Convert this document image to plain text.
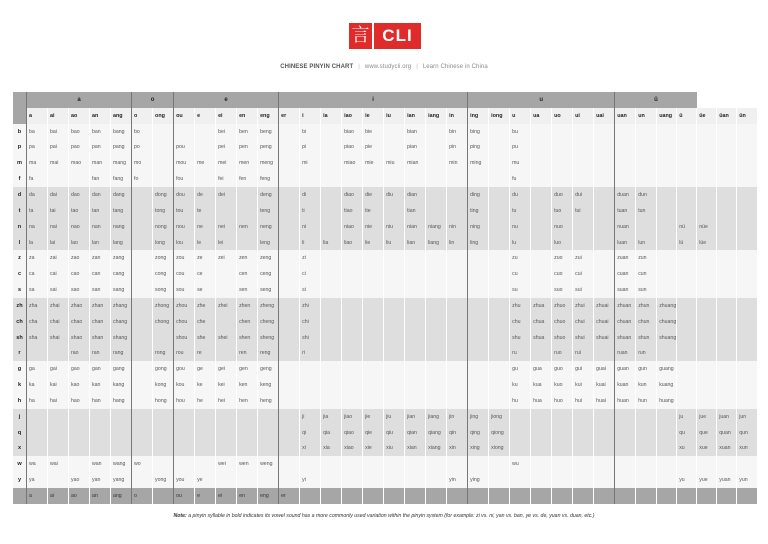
言 CLI
CHINESE PINYIN CHART | www.studycli.org | Learn Chinese in China
	a					o		e					i									u							ü						
	a	ai	ao	an	ang	o	ong	ou	e	ei	en	eng	er	i	ia	iao	ie	iu	ian	iang	in	ing	iong	u	ua	uo	ui	uai	uan	un	uang	ü	üe	üan	ün
b	ba	bai	bao	ban	bang	bo				bei	ben	beng		bi		biao	bie		bian		bin	bing		bu											
p	pa	pai	pao	pan	pang	po		pou		pei	pen	peng		pi		piao	pie		pian		pin	ping		pu											
m	ma	mai	mao	man	mang	mo		mou	me	mei	men	meng		mi		miao	mie	miu	mian		min	ming		mu											
f	fa			fan	fang	fo		fou		fei	fen	feng												fu											
d	da	dai	dao	dan	dang		dong	dou	de	dei		deng		di		diao	die	diu	dian			ding		du		duo	dui		duan	dun					
t	ta	tai	tao	tan	tang		tong	tou	te			teng		ti		tiao	tie		tian			ting		tu		tuo	tui		tuan	tun					
n	na	nai	nao	nan	nang		nong	nou	ne	nei	nen	neng		ni		niao	nie	niu	nian	niang	nin	ning		nu		nuo			nuan			nü	nüe		
l	la	lai	lao	lan	lang		long	lou	le	lei		leng		li	lia	liao	lie	liu	lian	liang	lin	ling		lu		luo			luan	lun		lü	lüe		
z	za	zai	zao	zan	zang		zong	zou	ze	zei	zen	zeng		zi										zu		zuo	zui		zuan	zun					
c	ca	cai	cao	can	cang		cong	cou	ce		cen	ceng		ci										cu		cuo	cui		cuan	cun					
s	sa	sai	sao	san	sang		song	sou	se		sen	seng		si										su		suo	sui		suan	sun					
zh	zha	zhai	zhao	zhan	zhang		zhong	zhou	zhe	zhei	zhen	zheng		zhi										zhu	zhua	zhuo	zhui	zhuai	zhuan	zhun	zhuang				
ch	cha	chai	chao	chan	chang		chong	chou	che		chen	cheng		chi										chu	chua	chuo	chui	chuai	chuan	chun	chuang				
sh	sha	shai	shao	shan	shang			shou	she	shei	shen	sheng		shi										shu	shua	shuo	shui	shuai	shuan	shun	shuang				
r			rao	ran	rang		rong	rou	re		ren	reng		ri										ru		ruo	rui		ruan	run					
g	ga	gai	gao	gan	gang		gong	gou	ge	gei	gen	geng												gu	gua	guo	gui	guai	guan	gun	guang				
k	ka	kai	kao	kan	kang		kong	kou	ke	kei	ken	keng												ku	kua	kuo	kui	kuai	kuan	kun	kuang				
h	ha	hai	hao	han	hang		hong	hou	he	hei	hen	heng												hu	hua	huo	hui	huai	huan	hun	huang				
j														ji	jia	jiao	jie	jiu	jian	jiang	jin	jing	jiong									ju	jue	juan	jun
q														qi	qia	qiao	qie	qiu	qian	qiang	qin	qing	qiong									qu	que	quan	qun
x														xi	xia	xiao	xie	xiu	xian	xiang	xin	xing	xiong									xu	xue	xuan	xun
w	wa	wai		wan	wang	wo				wei	wen	weng												wu											
y	ya		yao	yan	yang		yong	you	ye					yi							yin	ying										yu	yue	yuan	yun
	a	ai	ao	an	ang	o		ou	e	ei	en	eng	er																						
Note: a pinyin syllable in bold indicates its vowel sound has a more commonly used variation within the pinyin system (for example: zi vs. ni, yan vs. ban, ye vs. de, yuan vs. duan, etc.)
